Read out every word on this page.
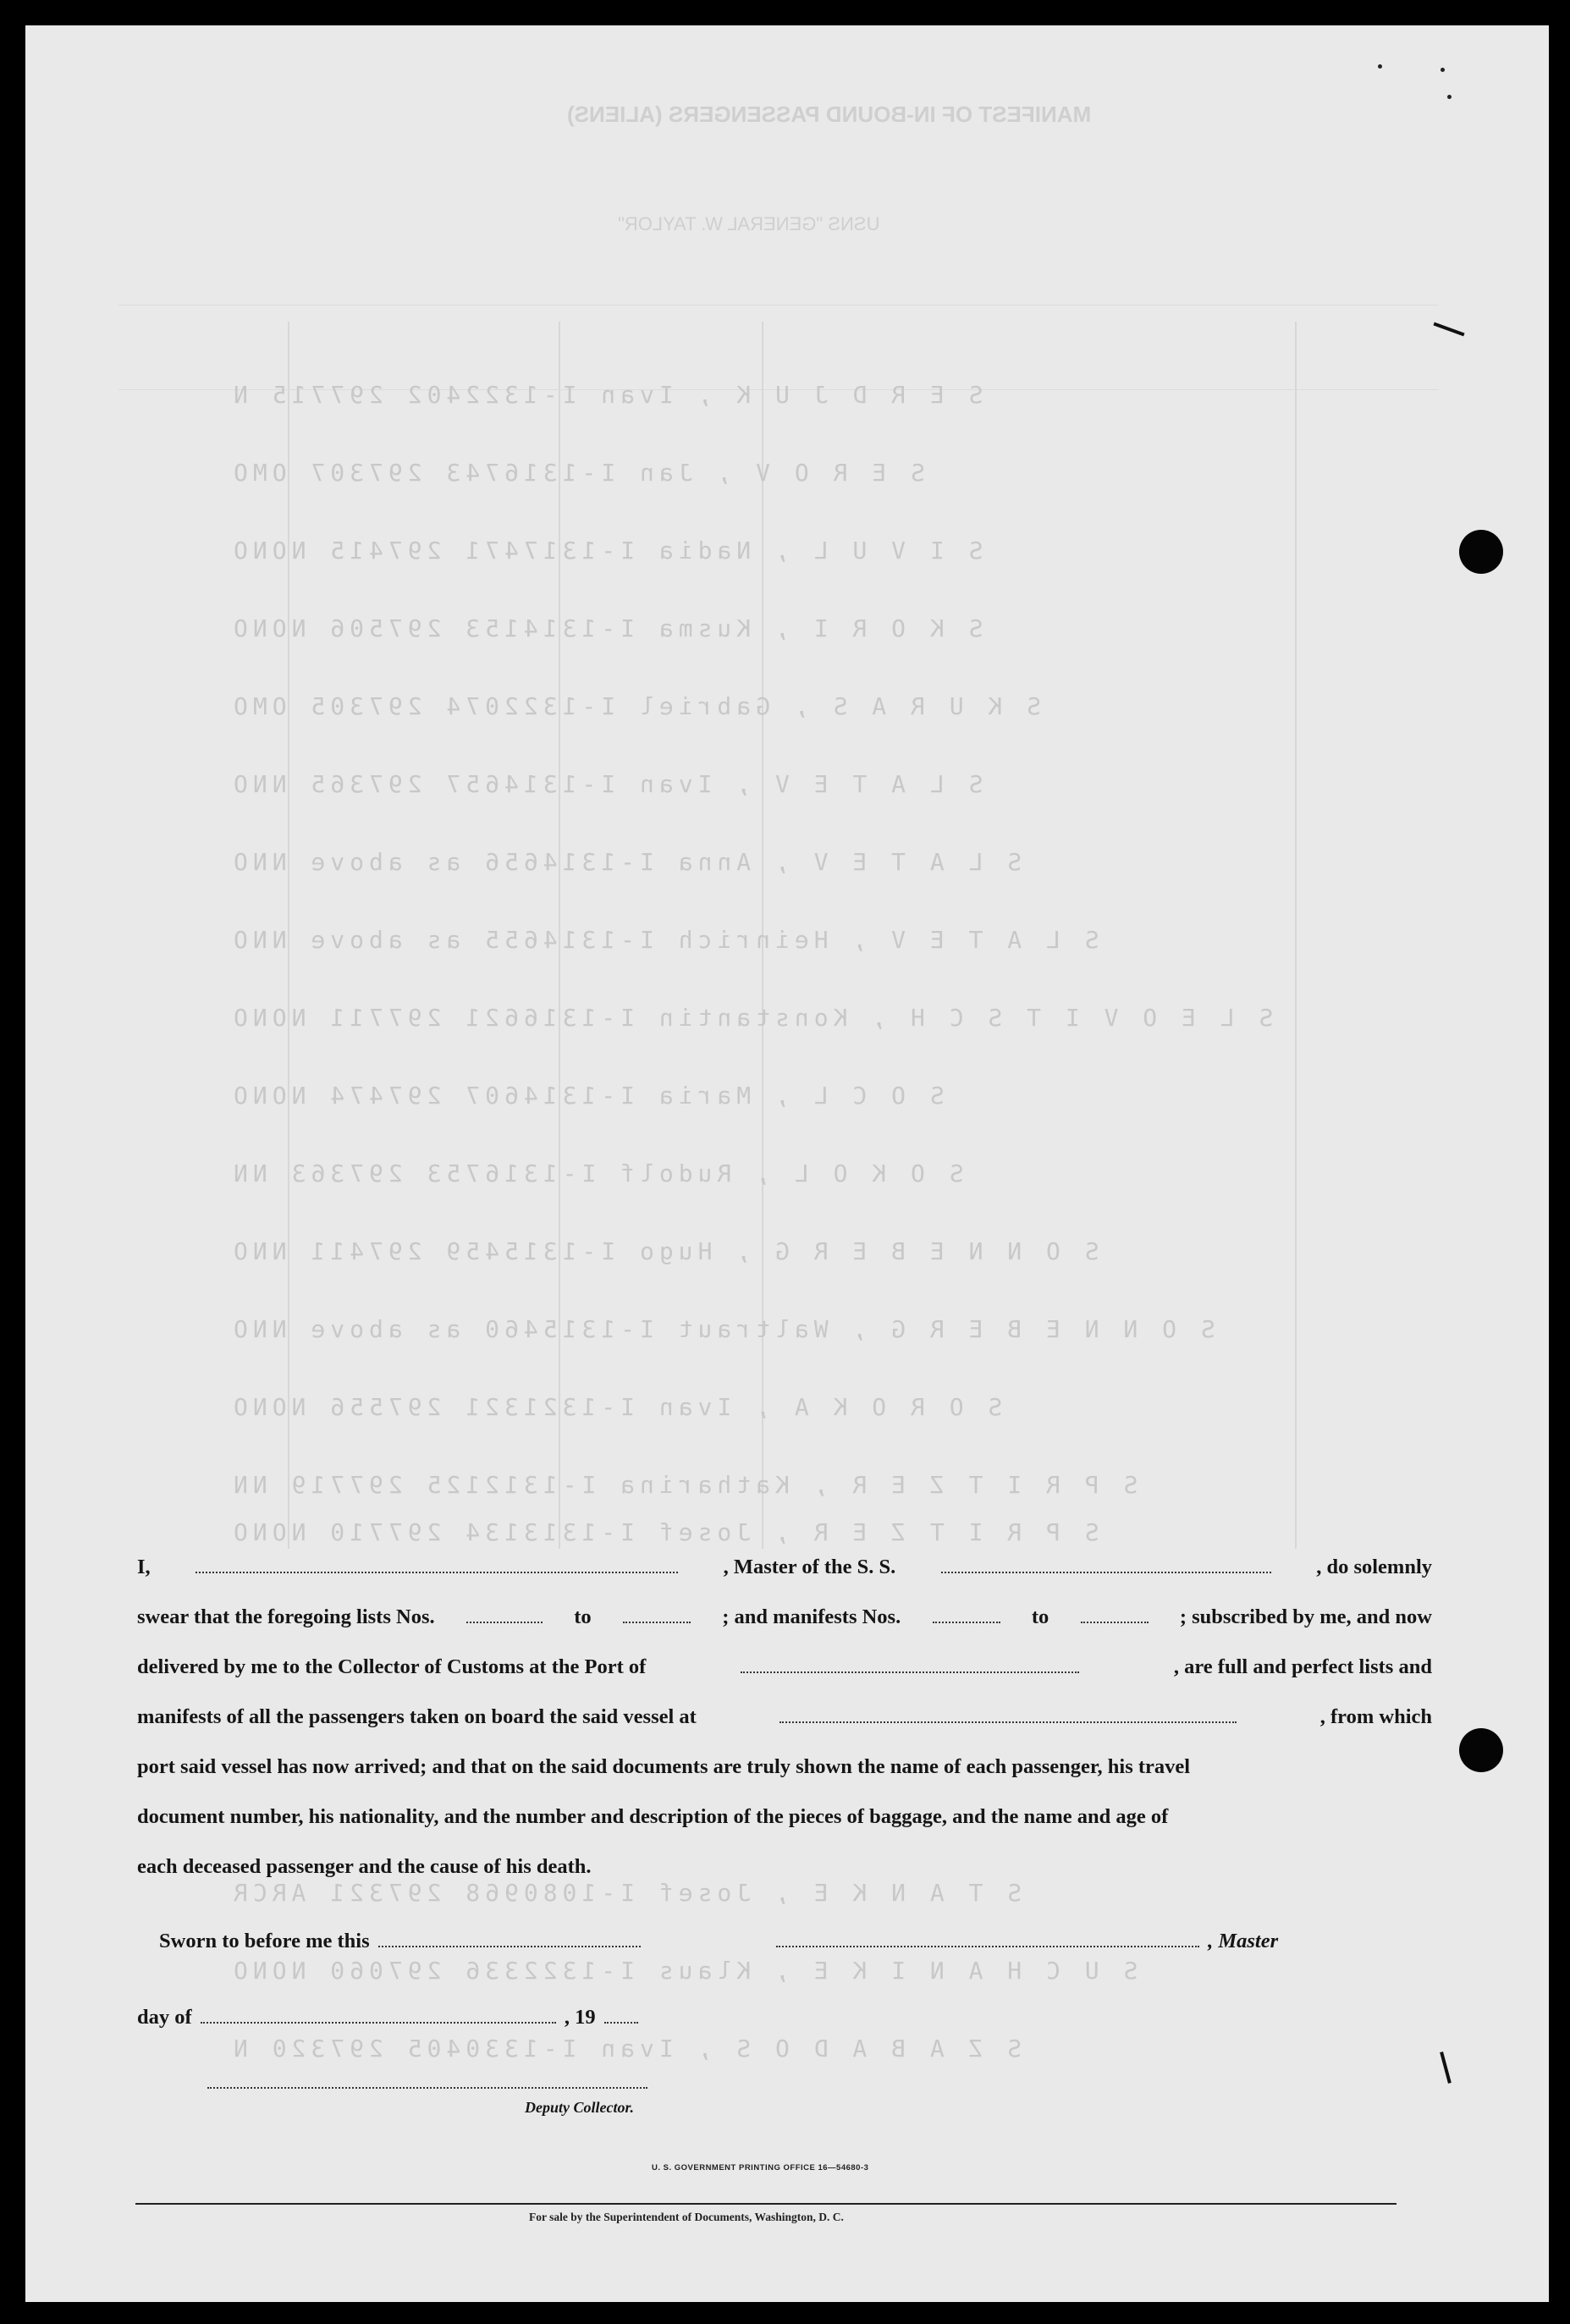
MANIFEST OF IN-BOUND PASSENGERS (ALIENS)
USNS "GENERAL W. TAYLOR"
S E R D J U K , Ivan I-1322402 297715 N
S E R O V , Jan I-1316743 297307 OMO
S I V U L , Nadia I-1317471 297415 NONO
S K O R I , Kusma I-1314153 297506 NONO
S K U R A S , Gabriel I-1322074 297305 OMO
S L A T E V , Ivan I-1314657 297365 NNO
S L A T E V , Anna I-1314656 as above NNO
S L A T E V , Heinrich I-1314655 as above NNO
S L E O V I T S C H , Konstantin I-1316621 297711 NONO
S O C L , Maria I-1314607 297474 NONO
S O K O L , Rudolf I-1316753 297363 NN
S O N N E B E R G , Hugo I-1315459 297411 NNO
S O N N E B E R G , Waltraut I-1315460 as above NNO
S O R O K A , Ivan I-1321321 297556 NONO
S P R I T Z E R , Katharina I-1312125 297719 NN
S P R I T Z E R , Josef I-1313134 297710 NONO
S T A N K E , Josef I-1080968 297321 ARCR
S U C H A N I K E , Klaus I-1322336 297060 NONO
S Z A B A D O S , Ivan I-1330405 297320 N
I,	, Master of the S. S.	, do solemnly
swear that the foregoing lists Nos.	to	; and manifests Nos.	to	; subscribed by me, and now
delivered by me to the Collector of Customs at the Port of	, are full and perfect lists and
manifests of all the passengers taken on board the said vessel at	, from which
port said vessel has now arrived; and that on the said documents are truly shown the name of each passenger, his travel
document number, his nationality, and the number and description of the pieces of baggage, and the name and age of
each deceased passenger and the cause of his death.
Sworn to before me this	, Master
day of	, 19
Deputy Collector.
U. S. GOVERNMENT PRINTING OFFICE 16—54680-3
For sale by the Superintendent of Documents, Washington, D. C.
